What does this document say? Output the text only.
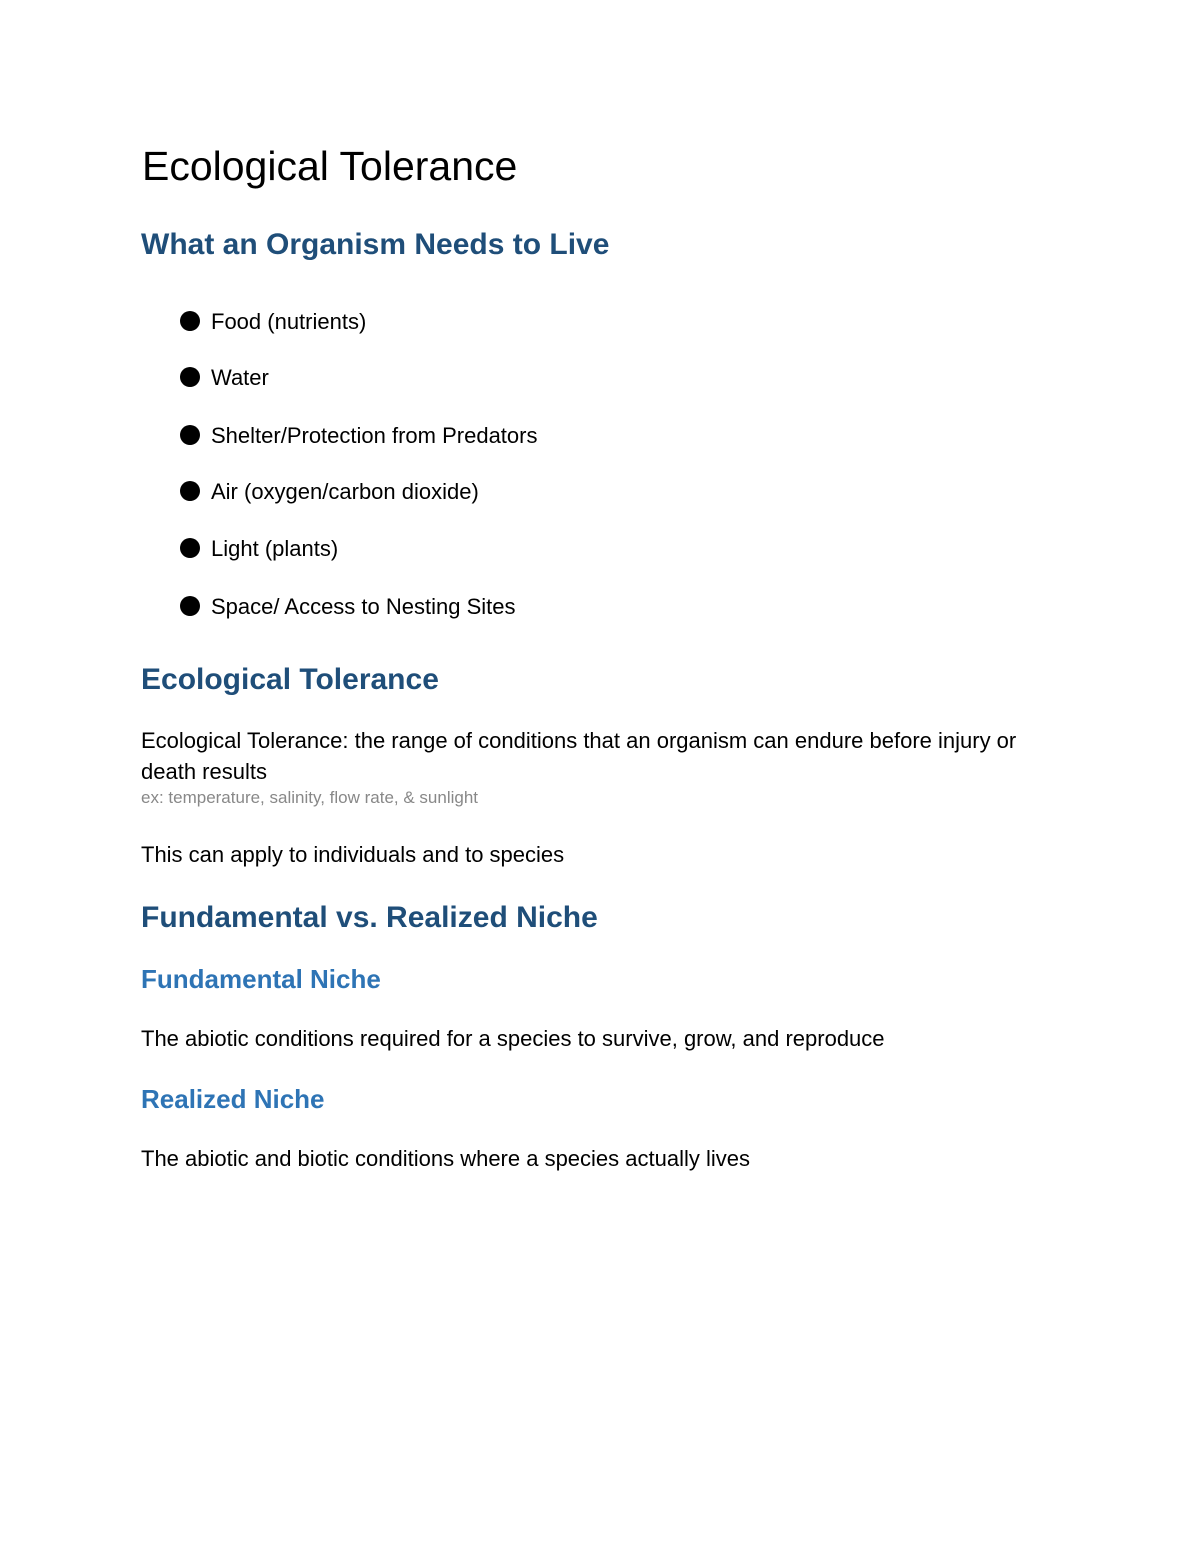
Ecological Tolerance
What an Organism Needs to Live
Food (nutrients)
Water
Shelter/Protection from Predators
Air (oxygen/carbon dioxide)
Light (plants)
Space/ Access to Nesting Sites
Ecological Tolerance

Ecological Tolerance: the range of conditions that an organism can endure before injury or death results

ex: temperature, salinity, flow rate, & sunlight

This can apply to individuals and to species

Fundamental vs. Realized Niche
Fundamental Niche

The abiotic conditions required for a species to survive, grow, and reproduce

Realized Niche

The abiotic and biotic conditions where a species actually lives
